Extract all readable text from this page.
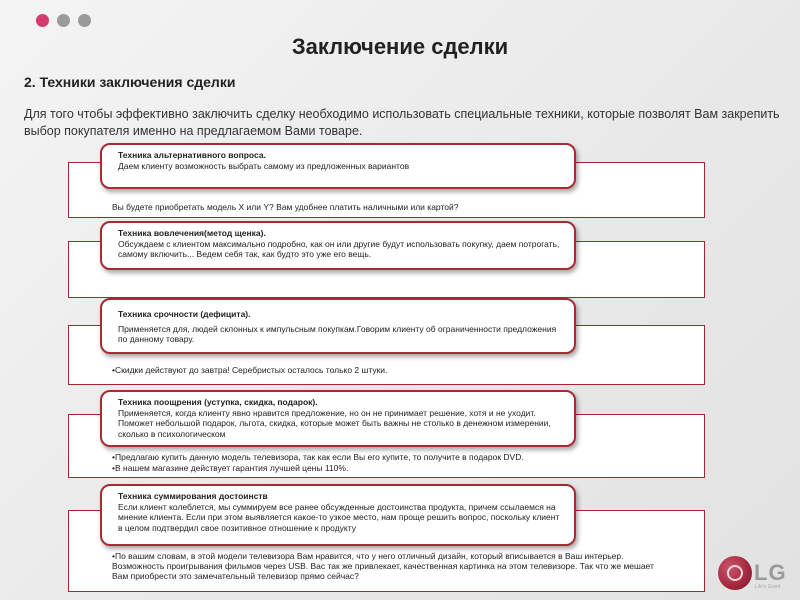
Заключение сделки
2. Техники заключения сделки
Для того чтобы эффективно заключить сделку необходимо использовать специальные техники, которые позволят Вам закрепить выбор покупателя именно на предлагаемом Вами товаре.
Вы будете приобретать модель X или Y? Вам удобнее платить наличными или картой?
Техника альтернативного вопроса.
Даем клиенту возможность выбрать самому из предложенных вариантов
Техника вовлечения(метод щенка).
Обсуждаем с клиентом максимально подробно, как он или другие будут использовать покупку, даем потрогать, самому включить... Ведем себя так, как будто это уже его вещь.
•Скидки действуют до завтра! Серебристых осталось только 2 штуки.
Техника срочности (дефицита).
Применяется для, людей склонных к импульсным покупкам.Говорим клиенту об ограниченности предложения по данному товару.
•Предлагаю купить данную модель телевизора, так как если Вы его купите, то получите в подарок DVD.
•В нашем магазине действует гарантия лучшей цены 110%.
Техника поощрения (уступка, скидка, подарок).
Применяется, когда клиенту явно нравится предложение, но он не принимает решение, хотя и не уходит. Поможет небольшой подарок, льгота, скидка, которые может быть важны не столько в денежном измерении, сколько в психологическом
•По вашим словам, в этой модели телевизора Вам нравится, что у него отличный дизайн, который вписывается в Ваш интерьер. Возможность проигрывания фильмов через USB. Вас так же привлекает, качественная картинка на этом телевизоре. Так что же мешает Вам приобрести это замечательный телевизор прямо сейчас?
Техника суммирования достоинств
Если клиент колеблется, мы суммируем все ранее обсужденные достоинства продукта, причем ссылаемся на мнение клиента. Если при этом выявляется какое-то узкое место, нам проще решить вопрос, поскольку клиент в целом подтвердил свое позитивное отношение к продукту
LG
Life's Good
